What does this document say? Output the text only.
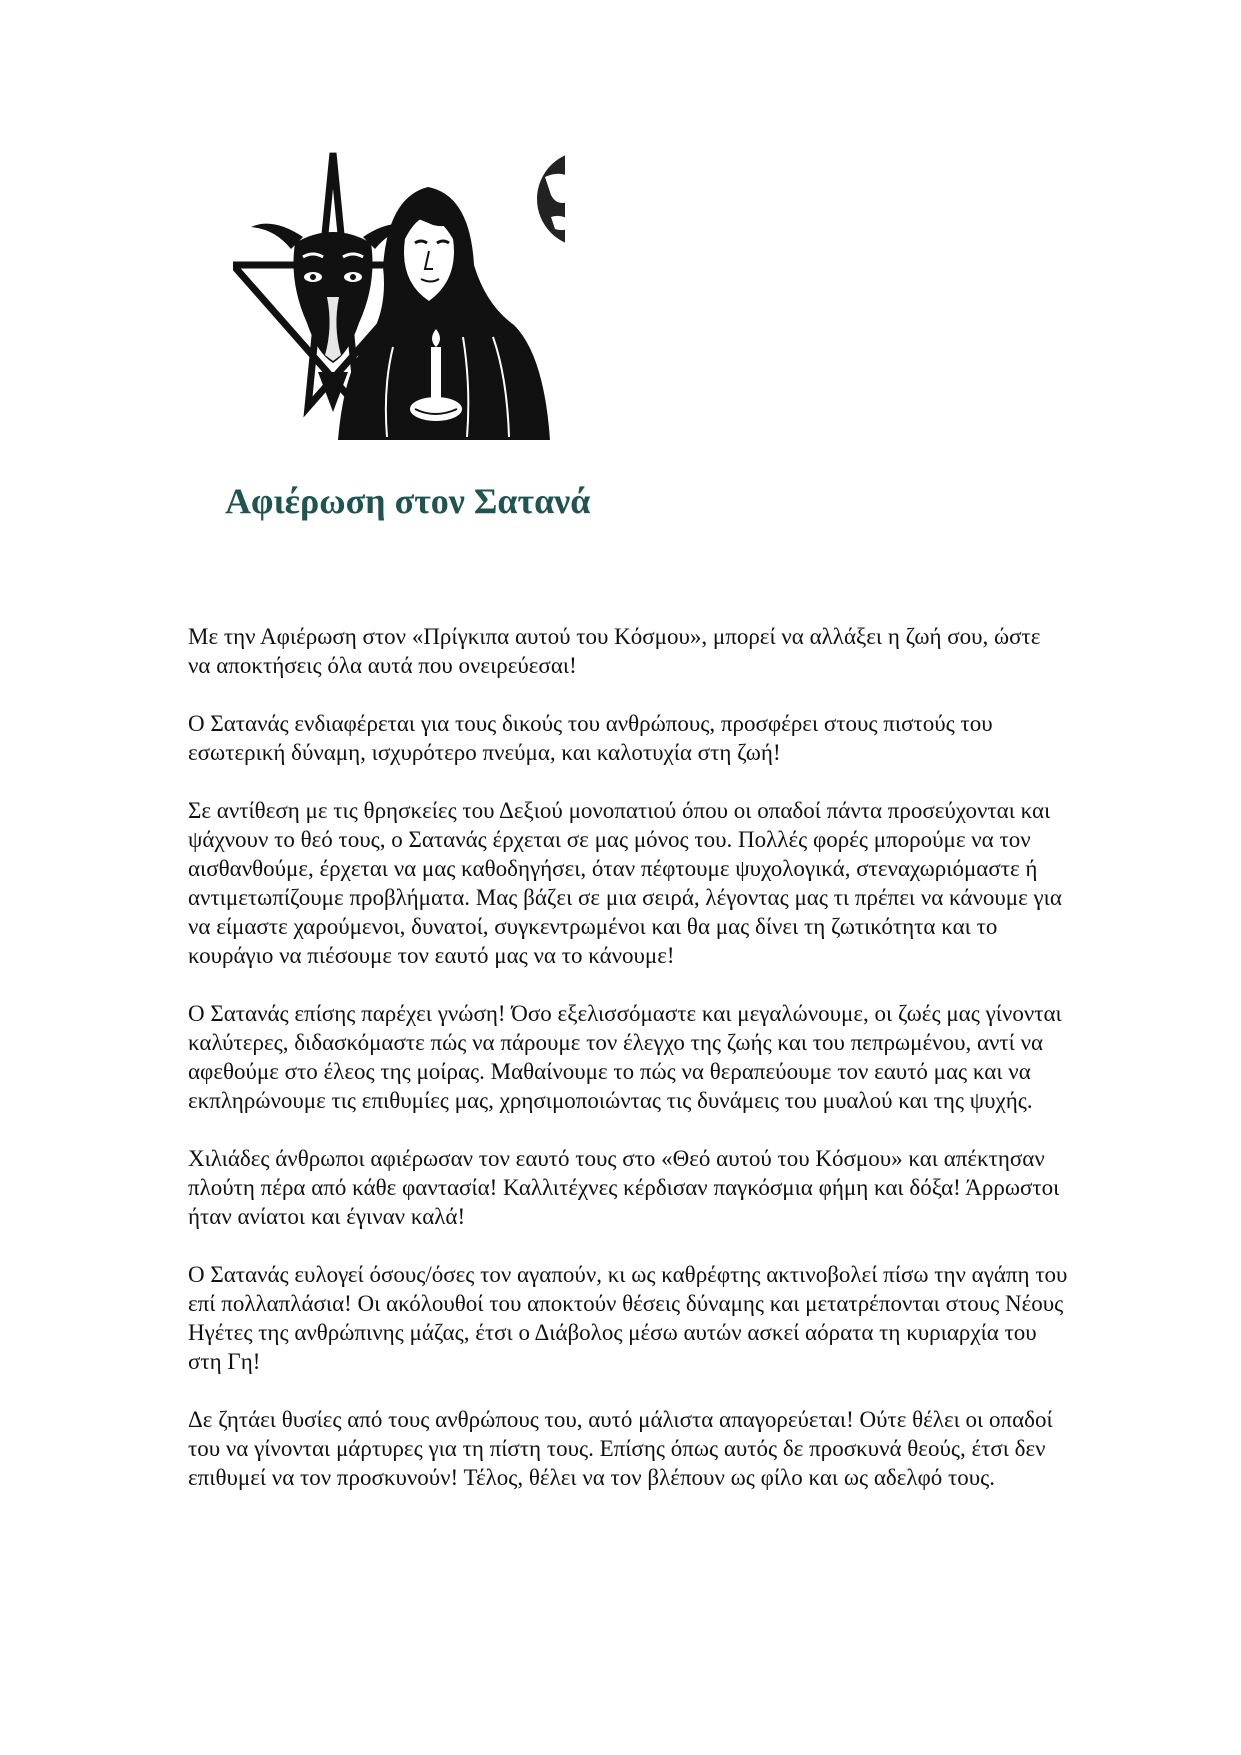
Αφιέρωση στον Σατανά

Με την Αφιέρωση στον «Πρίγκιπα αυτού του Κόσμου», μπορεί να αλλάξει η ζωή σου, ώστε να αποκτήσεις όλα αυτά που ονειρεύεσαι!

Ο Σατανάς ενδιαφέρεται για τους δικούς του ανθρώπους, προσφέρει στους πιστούς του εσωτερική δύναμη, ισχυρότερο πνεύμα, και καλοτυχία στη ζωή!

Σε αντίθεση με τις θρησκείες του Δεξιού μονοπατιού όπου οι οπαδοί πάντα προσεύχονται και ψάχνουν το θεό τους, ο Σατανάς έρχεται σε μας μόνος του. Πολλές φορές μπορούμε να τον αισθανθούμε, έρχεται να μας καθοδηγήσει, όταν πέφτουμε ψυχολογικά, στεναχωριόμαστε ή αντιμετωπίζουμε προβλήματα. Μας βάζει σε μια σειρά, λέγοντας μας τι πρέπει να κάνουμε για να είμαστε χαρούμενοι, δυνατοί, συγκεντρωμένοι και θα μας δίνει τη ζωτικότητα και το κουράγιο να πιέσουμε τον εαυτό μας να το κάνουμε!

Ο Σατανάς επίσης παρέχει γνώση! Όσο εξελισσόμαστε και μεγαλώνουμε, οι ζωές μας γίνονται καλύτερες, διδασκόμαστε πώς να πάρουμε τον έλεγχο της ζωής και του πεπρωμένου, αντί να αφεθούμε στο έλεος της μοίρας. Μαθαίνουμε το πώς να θεραπεύουμε τον εαυτό μας και να εκπληρώνουμε τις επιθυμίες μας, χρησιμοποιώντας τις δυνάμεις του μυαλού και της ψυχής.

Χιλιάδες άνθρωποι αφιέρωσαν τον εαυτό τους στο «Θεό αυτού του Κόσμου» και απέκτησαν πλούτη πέρα από κάθε φαντασία! Καλλιτέχνες κέρδισαν παγκόσμια φήμη και δόξα! Άρρωστοι ήταν ανίατοι και έγιναν καλά!

Ο Σατανάς ευλογεί όσους/όσες τον αγαπούν, κι ως καθρέφτης ακτινοβολεί πίσω την αγάπη του επί πολλαπλάσια! Οι ακόλουθοί του αποκτούν θέσεις δύναμης και μετατρέπονται στους Νέους Ηγέτες της ανθρώπινης μάζας, έτσι ο Διάβολος μέσω αυτών ασκεί αόρατα τη κυριαρχία του στη Γη!

Δε ζητάει θυσίες από τους ανθρώπους του, αυτό μάλιστα απαγορεύεται! Ούτε θέλει οι οπαδοί του να γίνονται μάρτυρες για τη πίστη τους. Επίσης όπως αυτός δε προσκυνά θεούς, έτσι δεν επιθυμεί να τον προσκυνούν! Τέλος, θέλει να τον βλέπουν ως φίλο και ως αδελφό τους.
